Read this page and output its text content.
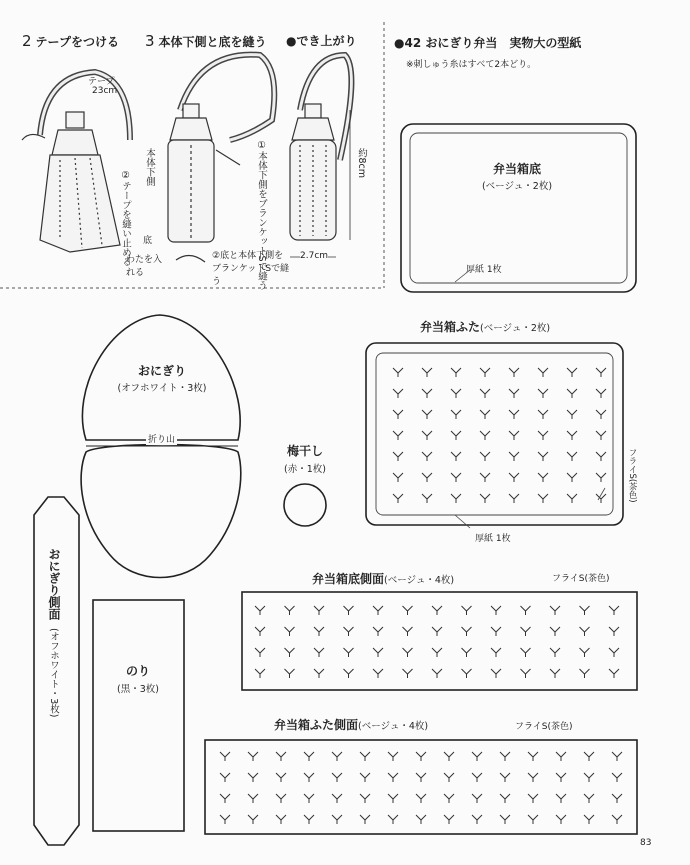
2 テープをつける 3 本体下側と底を縫う ●でき上がり
テープ
23cm
②テープを縫い止める
本体下側	①本体下側をブランケットSで縫う
底
わたを入れる
②底と本体下側をブランケットSで縫う
約8cm
2.7cm
●42 おにぎり弁当　実物大の型紙
※刺しゅう糸はすべて2本どり。
弁当箱底
(ベージュ・2枚)
厚紙 1枚
弁当箱ふた(ベージュ・2枚)
厚紙 1枚
フライS(茶色)
おにぎり
(オフホワイト・3枚)
折り山
梅干し
(赤・1枚)
おにぎり側面
(オフホワイト・3枚)	のり
(黒・3枚)
弁当箱底側面(ベージュ・4枚)	フライS(茶色)
弁当箱ふた側面(ベージュ・4枚)	フライS(茶色)
83
